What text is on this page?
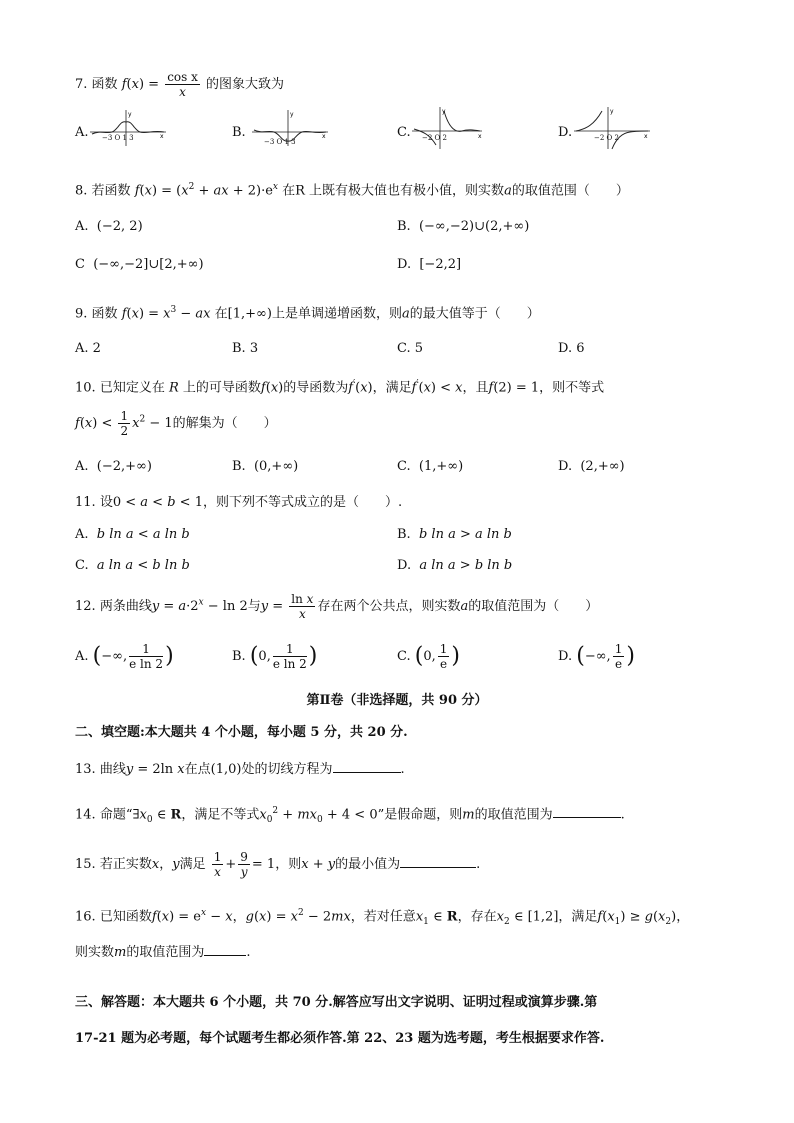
7. 函数 $f(x) = \frac{\text{cos x}}{x}$ 的图象大致为
A.	x
y
−3 O 1 3	B.	x
y
−3 O 1 3
C.	x
y
−2 O 2	D.	x
y
−2 O 2
8. 若函数 $f(x) = (x^2$ + ax + $2)\cdot e^x$ 在R 上既有极大值也有极小值，则实数a的取值范围（　　）
A. (−2, 2)	B. (−∞,−2)∪(2,+∞)
C (−∞,−2]∪[2,+∞)	D. [−2,2]
9. 函数 $f(x) = x^3$ − ax 在[1,+∞)上是单调递增函数，则a的最大值等于（　　）
A. 2	B. 3	C. 5	D. 6
10. 已知定义在 R 上的可导函数f(x)的导函数为f′(x)，满足f′(x) < x，且f(2) = 1，则不等式
$f(x) < \frac{1}{2} x^2 - 1$的解集为（　　）
A. (−2,+∞)	B. (0,+∞)	C. (1,+∞)	D. (2,+∞)
11. 设0 < a < b < 1，则下列不等式成立的是（　　）.
A. b ln a < a ln b	B. b ln a > a ln b
C. a ln a < b ln b	D. a ln a > b ln b
12. 两条曲线$y = a\cdot 2^x - \ln 2$与$y = \frac{\text{ln x}}{x}$ 存在两个公共点，则实数a的取值范围为（　　）
A. (−∞, $\frac{1}{\text{e ln 2}}$ )	B. (0, $\frac{1}{\text{e ln 2}}$ )	C. (0, $\frac{1}{e}$ )	D. (−∞, $\frac{1}{e}$ )
第Ⅱ卷（非选择题，共 90 分）
二、填空题:本大题共 4 个小题，每小题 5 分，共 20 分.
13. 曲线y = 2ln x在点(1,0)处的切线方程为	.
14. 命题“$\exists x_0$ ∈ R，满足不等式$x_0^2 + mx_0 + 4 < 0$”是假命题，则m的取值范围为	.
15. 若正实数x，y满足 $\frac{1}{x} + \frac{9}{y} = 1$，则x + y的最小值为	.
16. 已知函数$f(x) = e^x - x$，$g(x) = x^2 - 2mx$，若对任意$x_1$ ∈ R，存在$x_2$ ∈ [1,2]，满足$f(x_1) \ge g(x_2)$，
则实数m的取值范围为	.
三、解答题：本大题共 6 个小题，共 70 分.解答应写出文字说明、证明过程或演算步骤.第
17-21 题为必考题，每个试题考生都必须作答.第 22、23 题为选考题，考生根据要求作答.
